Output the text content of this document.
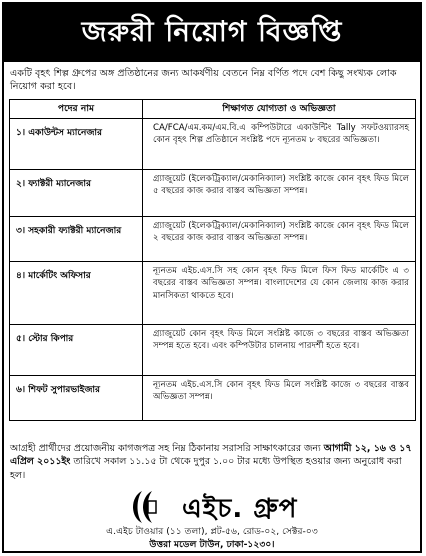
জরুরী নিয়োগ বিজ্ঞপ্তি
একটি বৃহৎ শিল্প গ্রুপের অঙ্গ প্রতিষ্ঠানের জন্য আকর্ষণীয় বেতনে নিম্ন বর্ণিত পদে বেশ কিছু সংখ্যক লোক নিয়োগ করা হবে।
পদের নাম	শিক্ষাগত যোগ্যতা ও অভিজ্ঞতা
১। একাউন্টস ম্যানেজার	CA/FCA/এম.কম/এম.বি.এ কম্পিউটারে একাউন্টিং Tally সফটওয়্যারসহ কোন বৃহৎ শিল্প প্রতিষ্ঠানে সংশ্লিষ্ট পদে ন্যূনতম ৮ বছরের অভিজ্ঞতা।
২। ফ্যাক্টরী ম্যানেজার	গ্র্যাজুয়েট (ইলেকট্রিক্যাল/মেকানিক্যাল) সংশ্লিষ্ট কাজে কোন বৃহৎ ফিড মিলে ৫ বছরের কাজ করার বাস্তব অভিজ্ঞতা সম্পন্ন।
৩। সহকারী ফ্যাক্টরী ম্যানেজার	গ্র্যাজুয়েট (ইলেকট্রিক্যাল/মেকানিক্যাল) সংশ্লিষ্ট কাজে কোন বৃহৎ ফিড মিলে ২ বছরের কাজ করার বাস্তব অভিজ্ঞতা সম্পন্ন।
৪। মার্কেটিং অফিসার	ন্যূনতম এইচ.এস.সি সহ কোন বৃহৎ ফিড মিলে ফিস ফিড মার্কেটিং এ ৩ বছরের বাস্তব অভিজ্ঞতা সম্পন্ন। বাংলাদেশের যে কোন জেলায় কাজ করার মানসিকতা থাকতে হবে।
৫। স্টোর কিপার	গ্র্যাজুয়েট কোন বৃহৎ ফিড মিলে সংশ্লিষ্ট কাজে ৩ বছরের বাস্তব অভিজ্ঞতা সম্পন্ন হতে হবে। এবং কম্পিউটার চালনায় পারদর্শী হতে হবে।
৬। শিফট সুপারভাইজার	ন্যূনতম এইচ.এস.সি কোন বৃহৎ ফিড মিলে সংশ্লিষ্ট কাজে ৩ বছরের বাস্তব অভিজ্ঞতা সম্পন্ন।
আগ্রহী প্রার্থীদের প্রয়োজনীয় কাগজপত্র সহ নিম্ন ঠিকানায় সরাসরি সাক্ষাৎকারের জন্য আগামী ১২, ১৬ ও ১৭ এপ্রিল ২০১১ইং তারিখে সকাল ১১.১৫ টা থেকে দুপুর ১.০০ টার মধ্যে উপস্থিত হওয়ার জন্য অনুরোধ করা হল।
এইচ. গ্রুপ
এ.এইচ টাওয়ার (১১ তলা), প্লট-৫৬, রোড-০২, সেক্টর-০৩
উত্তরা মডেল টাউন, ঢাকা-১২৩০।
